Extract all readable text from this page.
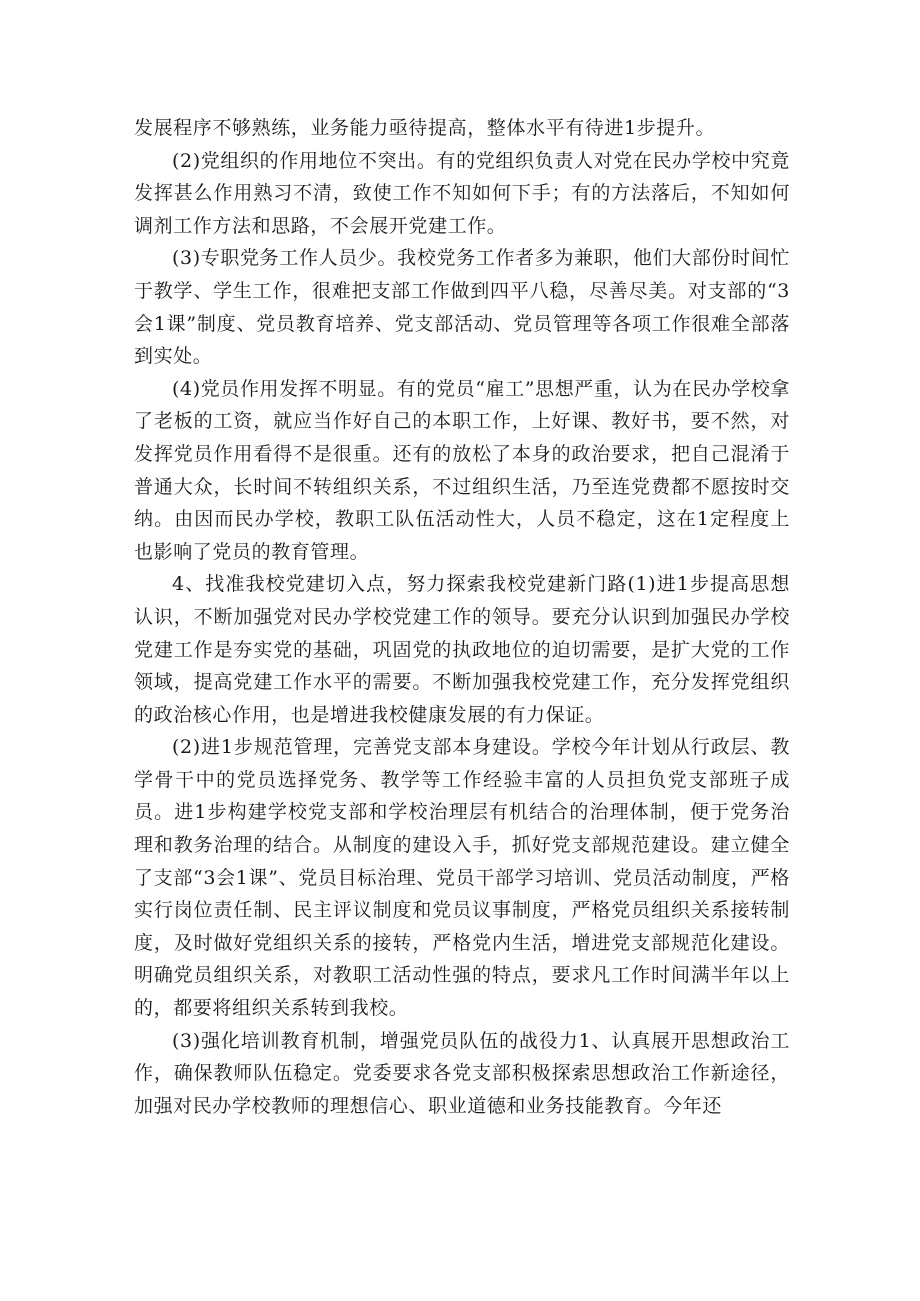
发展程序不够熟练，业务能力亟待提高，整体水平有待进1步提升。

(2)党组织的作用地位不突出。有的党组织负责人对党在民办学校中究竟发挥甚么作用熟习不清，致使工作不知如何下手；有的方法落后，不知如何调剂工作方法和思路，不会展开党建工作。

(3)专职党务工作人员少。我校党务工作者多为兼职，他们大部份时间忙于教学、学生工作，很难把支部工作做到四平八稳，尽善尽美。对支部的“3会1课”制度、党员教育培养、党支部活动、党员管理等各项工作很难全部落到实处。

(4)党员作用发挥不明显。有的党员“雇工”思想严重，认为在民办学校拿了老板的工资，就应当作好自己的本职工作，上好课、教好书，要不然，对发挥党员作用看得不是很重。还有的放松了本身的政治要求，把自己混淆于普通大众，长时间不转组织关系，不过组织生活，乃至连党费都不愿按时交纳。由因而民办学校，教职工队伍活动性大，人员不稳定，这在1定程度上也影响了党员的教育管理。

4、找准我校党建切入点，努力探索我校党建新门路(1)进1步提高思想认识，不断加强党对民办学校党建工作的领导。要充分认识到加强民办学校党建工作是夯实党的基础，巩固党的执政地位的迫切需要，是扩大党的工作领域，提高党建工作水平的需要。不断加强我校党建工作，充分发挥党组织的政治核心作用，也是增进我校健康发展的有力保证。

(2)进1步规范管理，完善党支部本身建设。学校今年计划从行政层、教学骨干中的党员选择党务、教学等工作经验丰富的人员担负党支部班子成员。进1步构建学校党支部和学校治理层有机结合的治理体制，便于党务治理和教务治理的结合。从制度的建设入手，抓好党支部规范建设。建立健全了支部“3会1课”、党员目标治理、党员干部学习培训、党员活动制度，严格实行岗位责任制、民主评议制度和党员议事制度，严格党员组织关系接转制度，及时做好党组织关系的接转，严格党内生活，增进党支部规范化建设。明确党员组织关系，对教职工活动性强的特点，要求凡工作时间满半年以上的，都要将组织关系转到我校。

(3)强化培训教育机制，增强党员队伍的战役力1、认真展开思想政治工作，确保教师队伍稳定。党委要求各党支部积极探索思想政治工作新途径，加强对民办学校教师的理想信心、职业道德和业务技能教育。今年还
